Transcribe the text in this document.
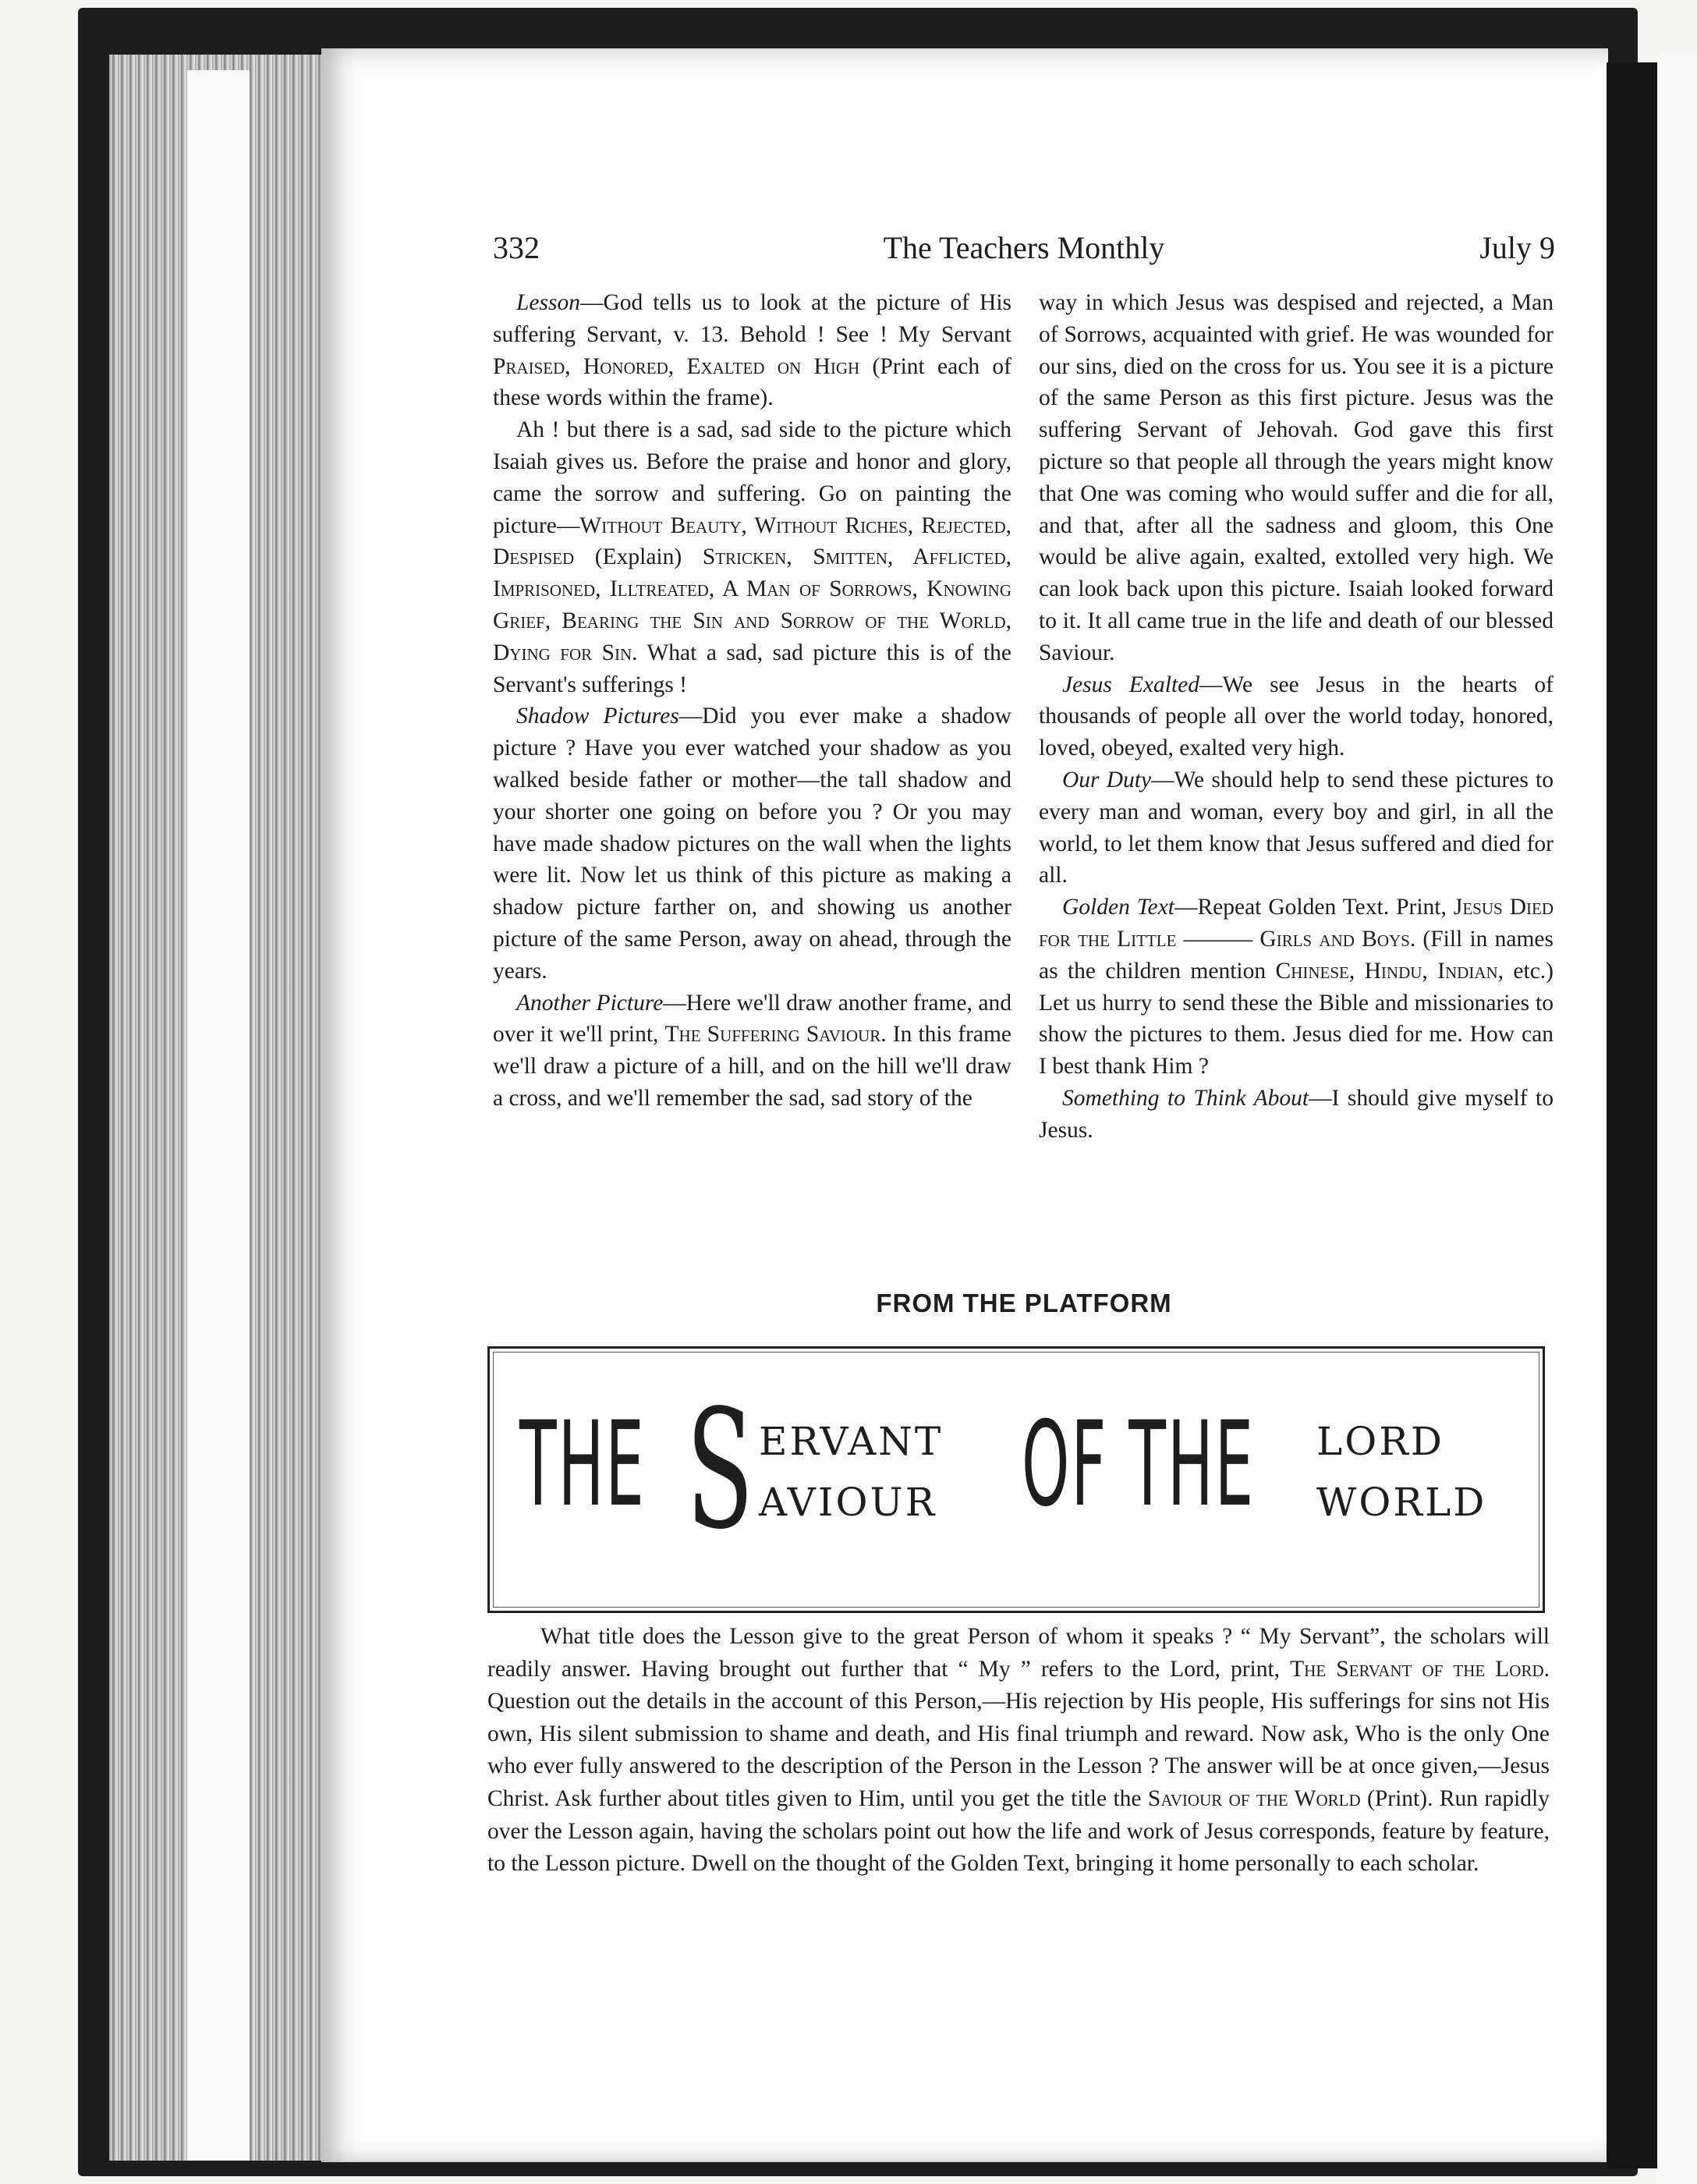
332	The Teachers Monthly	July 9

Lesson—God tells us to look at the picture of His suffering Servant, v. 13. Behold ! See ! My Servant Praised, Honored, Exalted on High (Print each of these words within the frame).

Ah ! but there is a sad, sad side to the picture which Isaiah gives us. Before the praise and honor and glory, came the sorrow and suffering. Go on painting the picture—Without Beauty, Without Riches, Rejected, Despised (Explain) Stricken, Smitten, Afflicted, Imprisoned, Illtreated, A Man of Sorrows, Knowing Grief, Bearing the Sin and Sorrow of the World, Dying for Sin. What a sad, sad picture this is of the Servant's sufferings !

Shadow Pictures—Did you ever make a shadow picture ? Have you ever watched your shadow as you walked beside father or mother—the tall shadow and your shorter one going on before you ? Or you may have made shadow pictures on the wall when the lights were lit. Now let us think of this picture as making a shadow picture farther on, and showing us another picture of the same Person, away on ahead, through the years.

Another Picture—Here we'll draw another frame, and over it we'll print, The Suffering Saviour. In this frame we'll draw a picture of a hill, and on the hill we'll draw a cross, and we'll remember the sad, sad story of the

way in which Jesus was despised and rejected, a Man of Sorrows, acquainted with grief. He was wounded for our sins, died on the cross for us. You see it is a picture of the same Person as this first picture. Jesus was the suffering Servant of Jehovah. God gave this first picture so that people all through the years might know that One was coming who would suffer and die for all, and that, after all the sadness and gloom, this One would be alive again, exalted, extolled very high. We can look back upon this picture. Isaiah looked forward to it. It all came true in the life and death of our blessed Saviour.

Jesus Exalted—We see Jesus in the hearts of thousands of people all over the world today, honored, loved, obeyed, exalted very high.

Our Duty—We should help to send these pictures to every man and woman, every boy and girl, in all the world, to let them know that Jesus suffered and died for all.

Golden Text—Repeat Golden Text. Print, Jesus Died for the Little ——— Girls and Boys. (Fill in names as the children mention Chinese, Hindu, Indian, etc.) Let us hurry to send these the Bible and missionaries to show the pictures to them. Jesus died for me. How can I best thank Him ?

Something to Think About—I should give myself to Jesus.

FROM THE PLATFORM
THE S ERVANT
AVIOUR OF THE LORD
WORLD

What title does the Lesson give to the great Person of whom it speaks ? “ My Servant”, the scholars will readily answer. Having brought out further that “ My ” refers to the Lord, print, The Servant of the Lord. Question out the details in the account of this Person,—His rejection by His people, His sufferings for sins not His own, His silent submission to shame and death, and His final triumph and reward. Now ask, Who is the only One who ever fully answered to the description of the Person in the Lesson ? The answer will be at once given,—Jesus Christ. Ask further about titles given to Him, until you get the title the Saviour of the World (Print). Run rapidly over the Lesson again, having the scholars point out how the life and work of Jesus corresponds, feature by feature, to the Lesson picture. Dwell on the thought of the Golden Text, bringing it home personally to each scholar.
